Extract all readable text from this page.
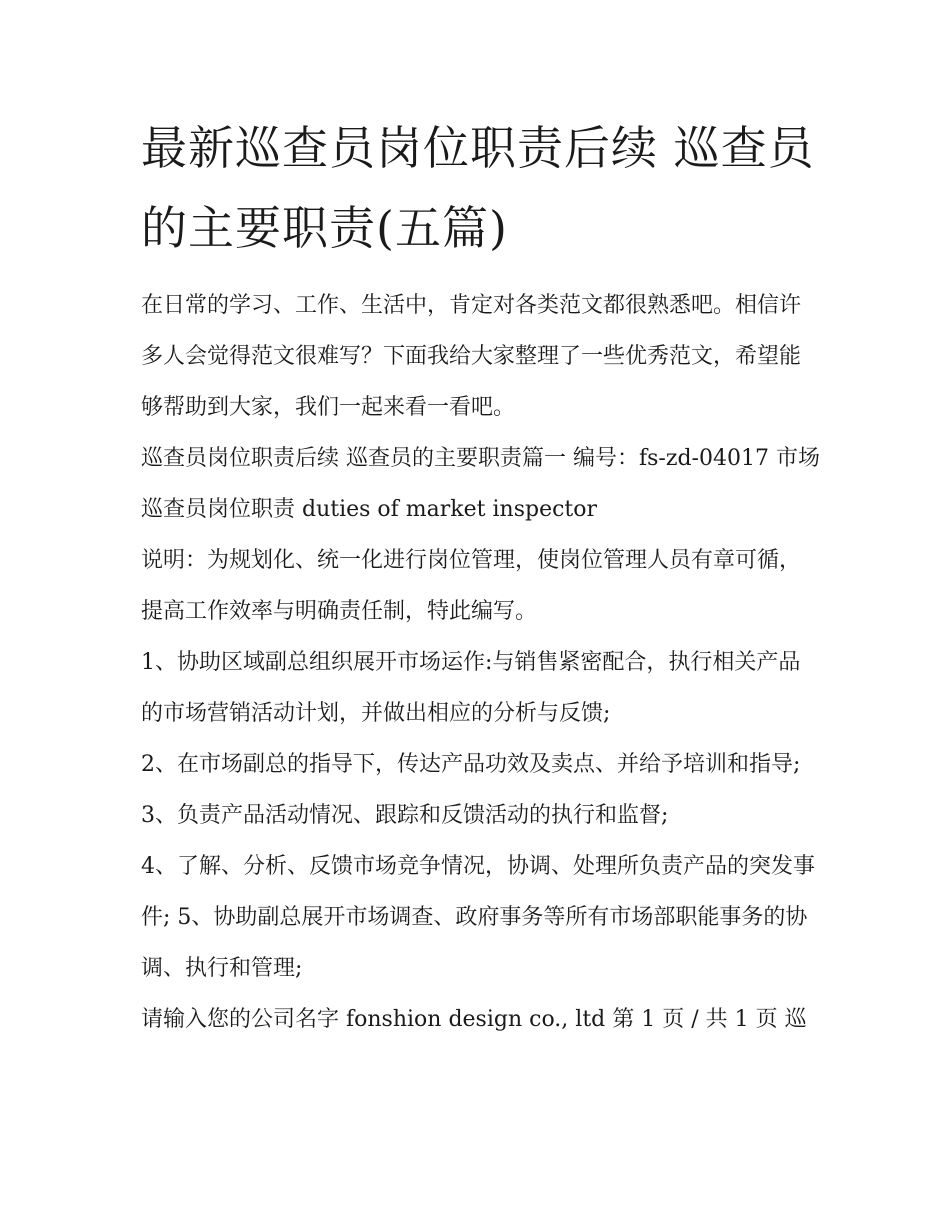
最新巡查员岗位职责后续 巡查员的主要职责(五篇)

在日常的学习、工作、生活中，肯定对各类范文都很熟悉吧。相信许多人会觉得范文很难写？下面我给大家整理了一些优秀范文，希望能够帮助到大家，我们一起来看一看吧。

巡查员岗位职责后续 巡查员的主要职责篇一 编号：fs-zd-04017 市场巡查员岗位职责 duties of market inspector

说明：为规划化、统一化进行岗位管理，使岗位管理人员有章可循，提高工作效率与明确责任制，特此编写。

1、协助区域副总组织展开市场运作:与销售紧密配合，执行相关产品的市场营销活动计划，并做出相应的分析与反馈;

2、在市场副总的指导下，传达产品功效及卖点、并给予培训和指导; 3、负责产品活动情况、跟踪和反馈活动的执行和监督;

4、了解、分析、反馈市场竞争情况，协调、处理所负责产品的突发事件; 5、协助副总展开市场调查、政府事务等所有市场部职能事务的协调、执行和管理;

请输入您的公司名字 fonshion design co., ltd 第 1 页 / 共 1 页 巡
